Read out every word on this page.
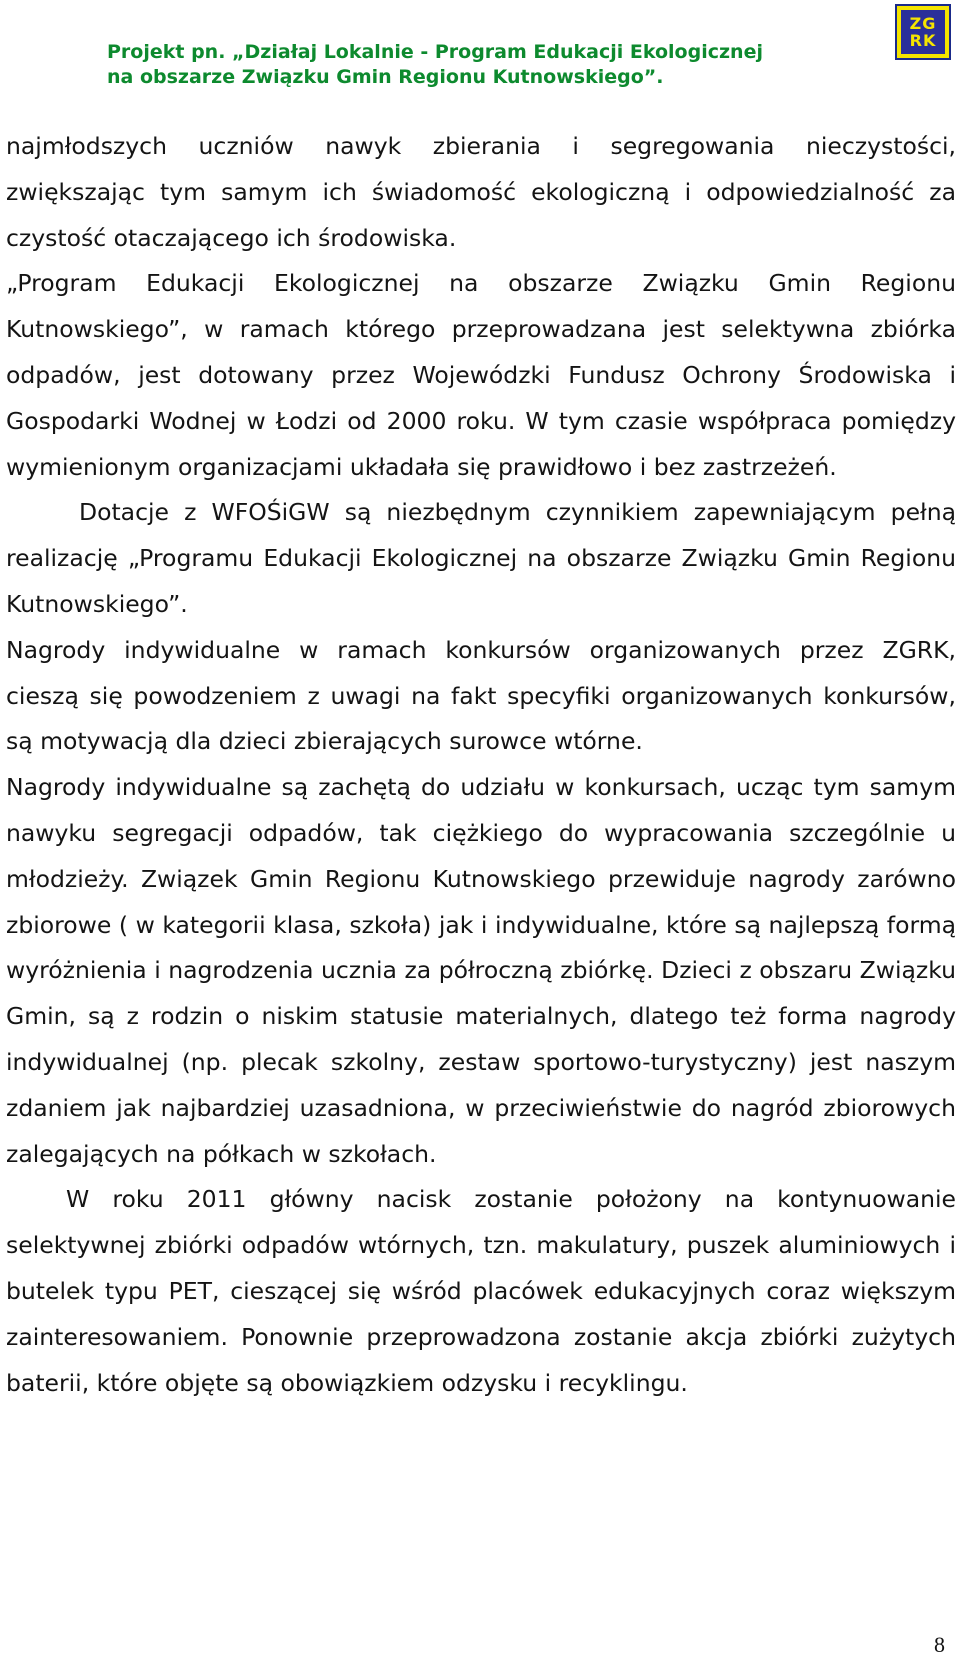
Projekt pn. „Działaj Lokalnie - Program Edukacji Ekologicznej
na obszarze Związku Gmin Regionu Kutnowskiego”.
ZG
RK

najmłodszych uczniów nawyk zbierania i segregowania nieczystości, zwiększając tym samym ich świadomość ekologiczną i odpowiedzialność za czystość otaczającego ich środowiska.

„Program Edukacji Ekologicznej na obszarze Związku Gmin Regionu Kutnowskiego”, w ramach którego przeprowadzana jest selektywna zbiórka odpadów, jest dotowany przez Wojewódzki Fundusz Ochrony Środowiska i Gospodarki Wodnej w Łodzi od 2000 roku. W tym czasie współpraca pomiędzy wymienionym organizacjami układała się prawidłowo i bez zastrzeżeń.

Dotacje z WFOŚiGW są niezbędnym czynnikiem zapewniającym pełną realizację „Programu Edukacji Ekologicznej na obszarze Związku Gmin Regionu Kutnowskiego”.

Nagrody indywidualne w ramach konkursów organizowanych przez ZGRK, cieszą się powodzeniem z uwagi na fakt specyfiki organizowanych konkursów, są motywacją dla dzieci zbierających surowce wtórne.

Nagrody indywidualne są zachętą do udziału w konkursach, ucząc tym samym nawyku segregacji odpadów, tak ciężkiego do wypracowania szczególnie u młodzieży. Związek Gmin Regionu Kutnowskiego przewiduje nagrody zarówno zbiorowe ( w kategorii klasa, szkoła) jak i indywidualne, które są najlepszą formą wyróżnienia i nagrodzenia ucznia za półroczną zbiórkę. Dzieci z obszaru Związku Gmin, są z rodzin o niskim statusie materialnych, dlatego też forma nagrody indywidualnej (np. plecak szkolny, zestaw sportowo-turystyczny) jest naszym zdaniem jak najbardziej uzasadniona, w przeciwieństwie do nagród zbiorowych zalegających na półkach w szkołach.

W roku 2011 główny nacisk zostanie położony na kontynuowanie selektywnej zbiórki odpadów wtórnych, tzn. makulatury, puszek aluminiowych i butelek typu PET, cieszącej się wśród placówek edukacyjnych coraz większym zainteresowaniem. Ponownie przeprowadzona zostanie akcja zbiórki zużytych baterii, które objęte są obowiązkiem odzysku i recyklingu.

8
